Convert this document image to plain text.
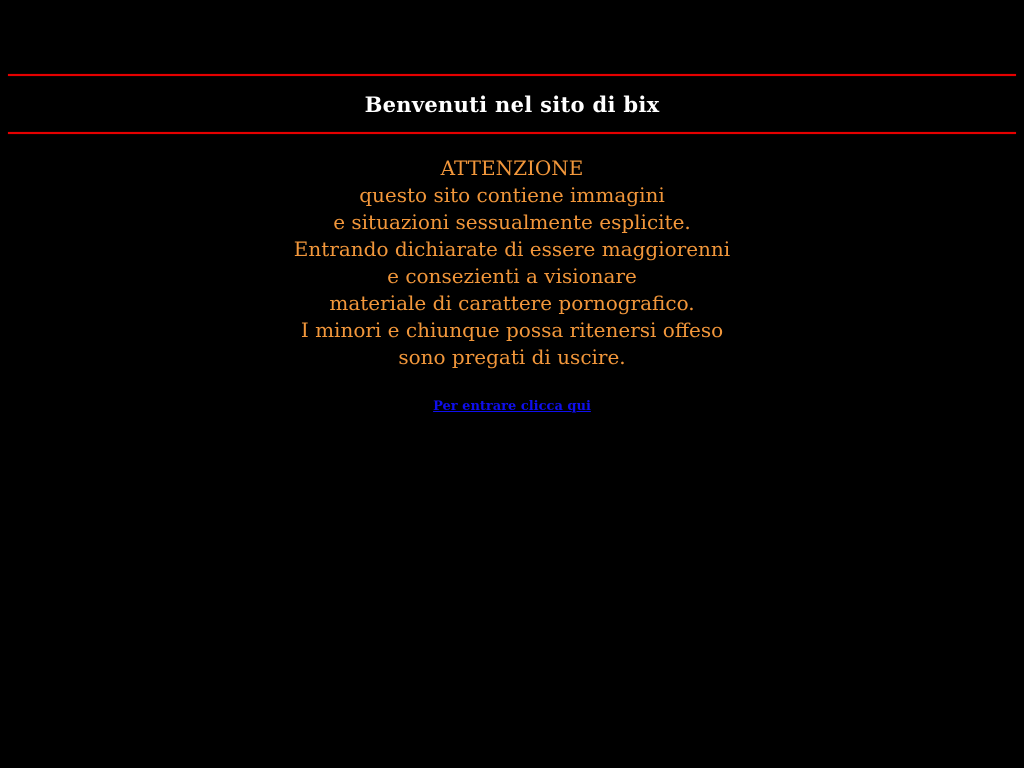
Benvenuti nel sito di bix
ATTENZIONE
questo sito contiene immagini
e situazioni sessualmente esplicite.
Entrando dichiarate di essere maggiorenni
e consezienti a visionare
materiale di carattere pornografico.
I minori e chiunque possa ritenersi offeso
sono pregati di uscire.
Per entrare clicca qui
